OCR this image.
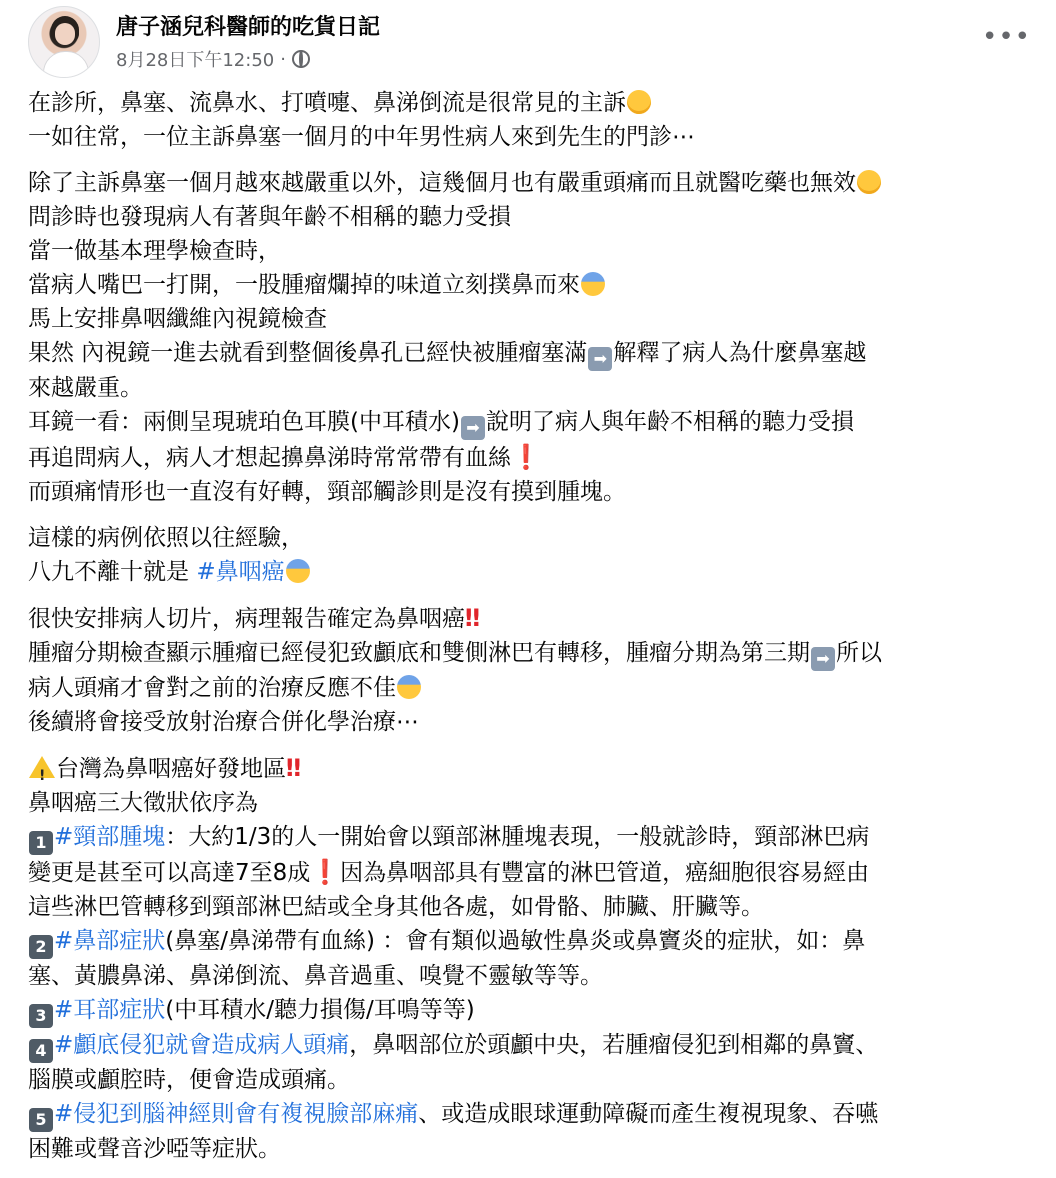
唐子涵兒科醫師的吃貨日記
8月28日下午12:50 ·
•••
在診所，鼻塞、流鼻水、打噴嚏、鼻涕倒流是很常見的主訴
一如往常，一位主訴鼻塞一個月的中年男性病人來到先生的門診⋯
除了主訴鼻塞一個月越來越嚴重以外，這幾個月也有嚴重頭痛而且就醫吃藥也無效
問診時也發現病人有著與年齡不相稱的聽力受損
當一做基本理學檢查時，
當病人嘴巴一打開，一股腫瘤爛掉的味道立刻撲鼻而來
馬上安排鼻咽纖維內視鏡檢查
果然 內視鏡一進去就看到整個後鼻孔已經快被腫瘤塞滿 ➡ 解釋了病人為什麼鼻塞越
來越嚴重。
耳鏡一看：兩側呈現琥珀色耳膜(中耳積水) ➡ 說明了病人與年齡不相稱的聽力受損
再追問病人，病人才想起擤鼻涕時常常帶有血絲❗
而頭痛情形也一直沒有好轉，頸部觸診則是沒有摸到腫塊。
這樣的病例依照以往經驗，
八九不離十就是 #鼻咽癌
很快安排病人切片，病理報告確定為鼻咽癌‼
腫瘤分期檢查顯示腫瘤已經侵犯致顱底和雙側淋巴有轉移，腫瘤分期為第三期 ➡ 所以
病人頭痛才會對之前的治療反應不佳
後續將會接受放射治療合併化學治療⋯
!台灣為鼻咽癌好發地區‼
鼻咽癌三大徵狀依序為
1 #頸部腫塊：大約1/3的人一開始會以頸部淋腫塊表現，一般就診時，頸部淋巴病
變更是甚至可以高達7至8成❗因為鼻咽部具有豐富的淋巴管道，癌細胞很容易經由
這些淋巴管轉移到頸部淋巴結或全身其他各處，如骨骼、肺臟、肝臟等。
2 #鼻部症狀(鼻塞/鼻涕帶有血絲) ：會有類似過敏性鼻炎或鼻竇炎的症狀，如：鼻
塞、黃膿鼻涕、鼻涕倒流、鼻音過重、嗅覺不靈敏等等。
3 #耳部症狀(中耳積水/聽力損傷/耳鳴等等)
4 #顱底侵犯就會造成病人頭痛，鼻咽部位於頭顱中央，若腫瘤侵犯到相鄰的鼻竇、
腦膜或顱腔時，便會造成頭痛。
5 #侵犯到腦神經則會有複視臉部麻痛、或造成眼球運動障礙而產生複視現象、吞嚥
困難或聲音沙啞等症狀。
